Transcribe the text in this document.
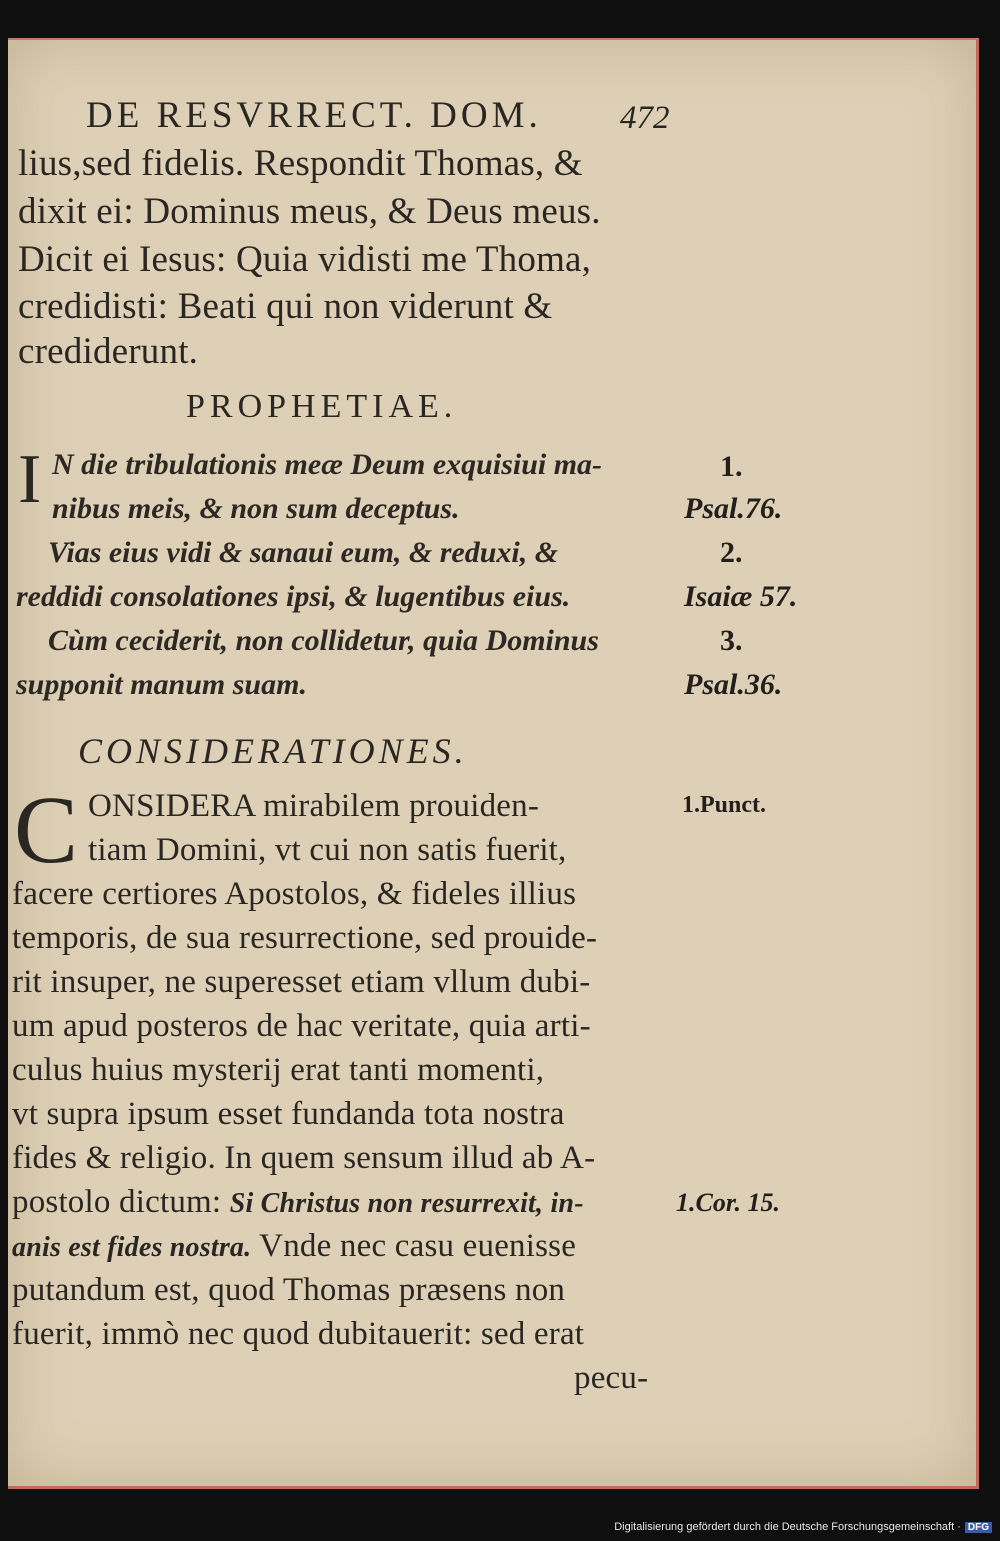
DE RESVRRECT. DOM. 472
lius,sed fidelis. Respondit Thomas, &
dixit ei: Dominus meus, & Deus meus.
Dicit ei Iesus: Quia vidisti me Thoma,
credidisti: Beati qui non viderunt &
crediderunt.
PROPHETIAE.
I N die tribulationis meæ Deum exquisiui ma-
nibus meis, & non sum deceptus.
Vias eius vidi & sanaui eum, & reduxi, &
reddidi consolationes ipsi, & lugentibus eius.
Cùm ceciderit, non collidetur, quia Dominus
supponit manum suam.
1.
Psal.76.
2.
Isaiæ 57.
3.
Psal.36.
CONSIDERATIONES.
C ONSIDERA mirabilem prouiden-
tiam Domini, vt cui non satis fuerit,
facere certiores Apostolos, & fideles illius
temporis, de sua resurrectione, sed prouide-
rit insuper, ne superesset etiam vllum dubi-
um apud posteros de hac veritate, quia arti-
culus huius mysterij erat tanti momenti,
vt supra ipsum esset fundanda tota nostra
fides & religio. In quem sensum illud ab A-
postolo dictum: Si Christus non resurrexit, in-
anis est fides nostra. Vnde nec casu euenisse
putandum est, quod Thomas præsens non
fuerit, immò nec quod dubitauerit: sed erat
pecu-
1.Punct.
1.Cor. 15.
Digitalisierung gefördert durch die Deutsche Forschungsgemeinschaft · DFG
